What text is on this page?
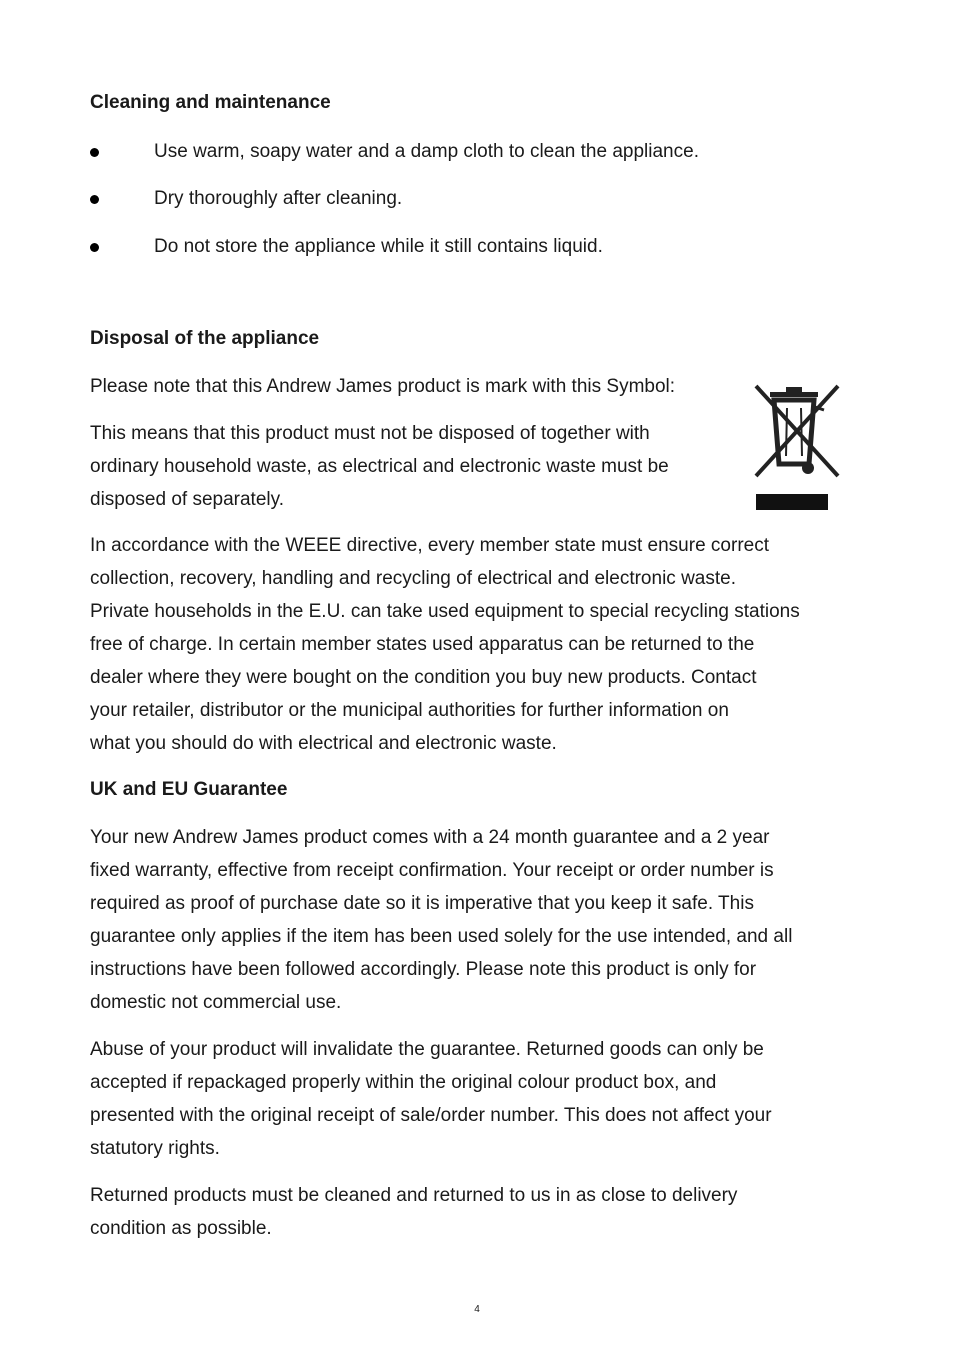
Cleaning and maintenance
Use warm, soapy water and a damp cloth to clean the appliance.
Dry thoroughly after cleaning.
Do not store the appliance while it still contains liquid.
Disposal of the appliance

Please note that this Andrew James product is mark with this Symbol:

This means that this product must not be disposed of together with
ordinary household waste, as electrical and electronic waste must be
disposed of separately.

In accordance with the WEEE directive, every member state must ensure correct
collection, recovery, handling and recycling of electrical and electronic waste.
Private households in the E.U. can take used equipment to special recycling stations
free of charge. In certain member states used apparatus can be returned to the
dealer where they were bought on the condition you buy new products. Contact
your retailer, distributor or the municipal authorities for further information on
what you should do with electrical and electronic waste.

UK and EU Guarantee

Your new Andrew James product comes with a 24 month guarantee and a 2 year
fixed warranty, effective from receipt confirmation. Your receipt or order number is
required as proof of purchase date so it is imperative that you keep it safe. This
guarantee only applies if the item has been used solely for the use intended, and all
instructions have been followed accordingly. Please note this product is only for
domestic not commercial use.

Abuse of your product will invalidate the guarantee. Returned goods can only be
accepted if repackaged properly within the original colour product box, and
presented with the original receipt of sale/order number. This does not affect your
statutory rights.

Returned products must be cleaned and returned to us in as close to delivery
condition as possible.

4
